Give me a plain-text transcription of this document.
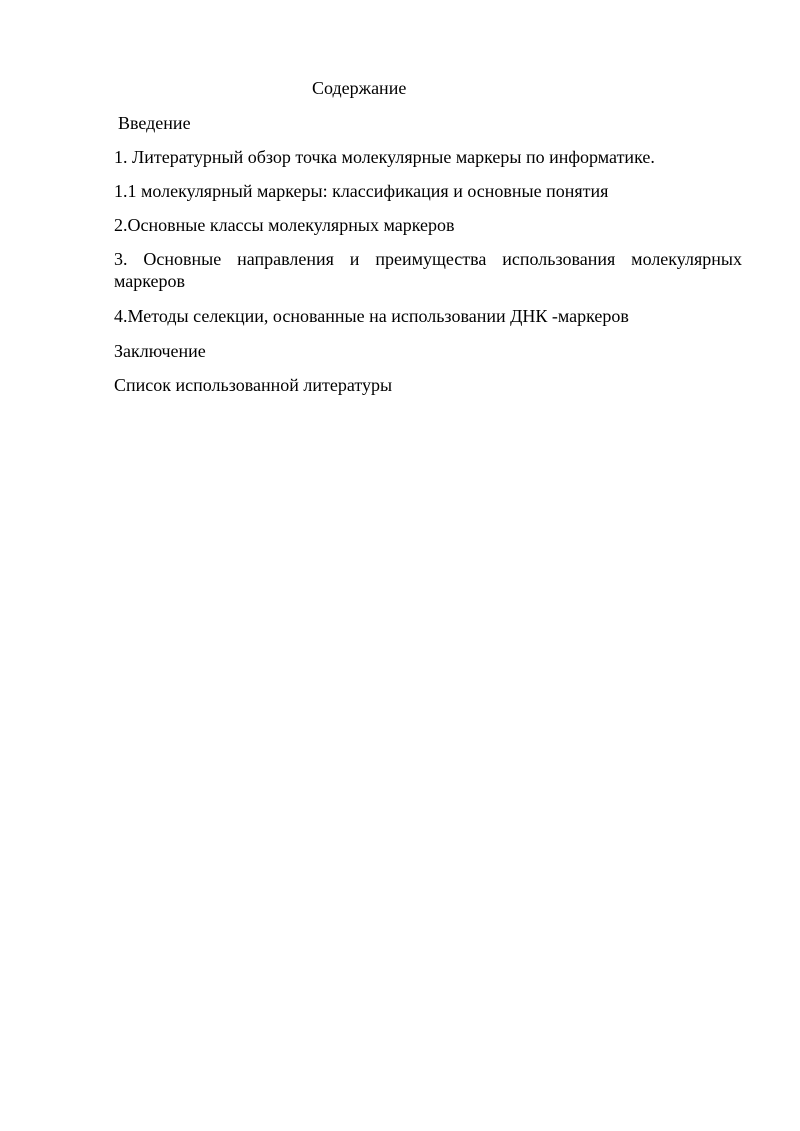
Содержание
Введение
1. Литературный обзор точка молекулярные маркеры по информатике.
1.1 молекулярный маркеры: классификация и основные понятия
2.Основные классы молекулярных маркеров
3. Основные направления и преимущества использования молекулярных маркеров
4.Методы селекции, основанные на использовании ДНК -маркеров
Заключение
Список использованной литературы
